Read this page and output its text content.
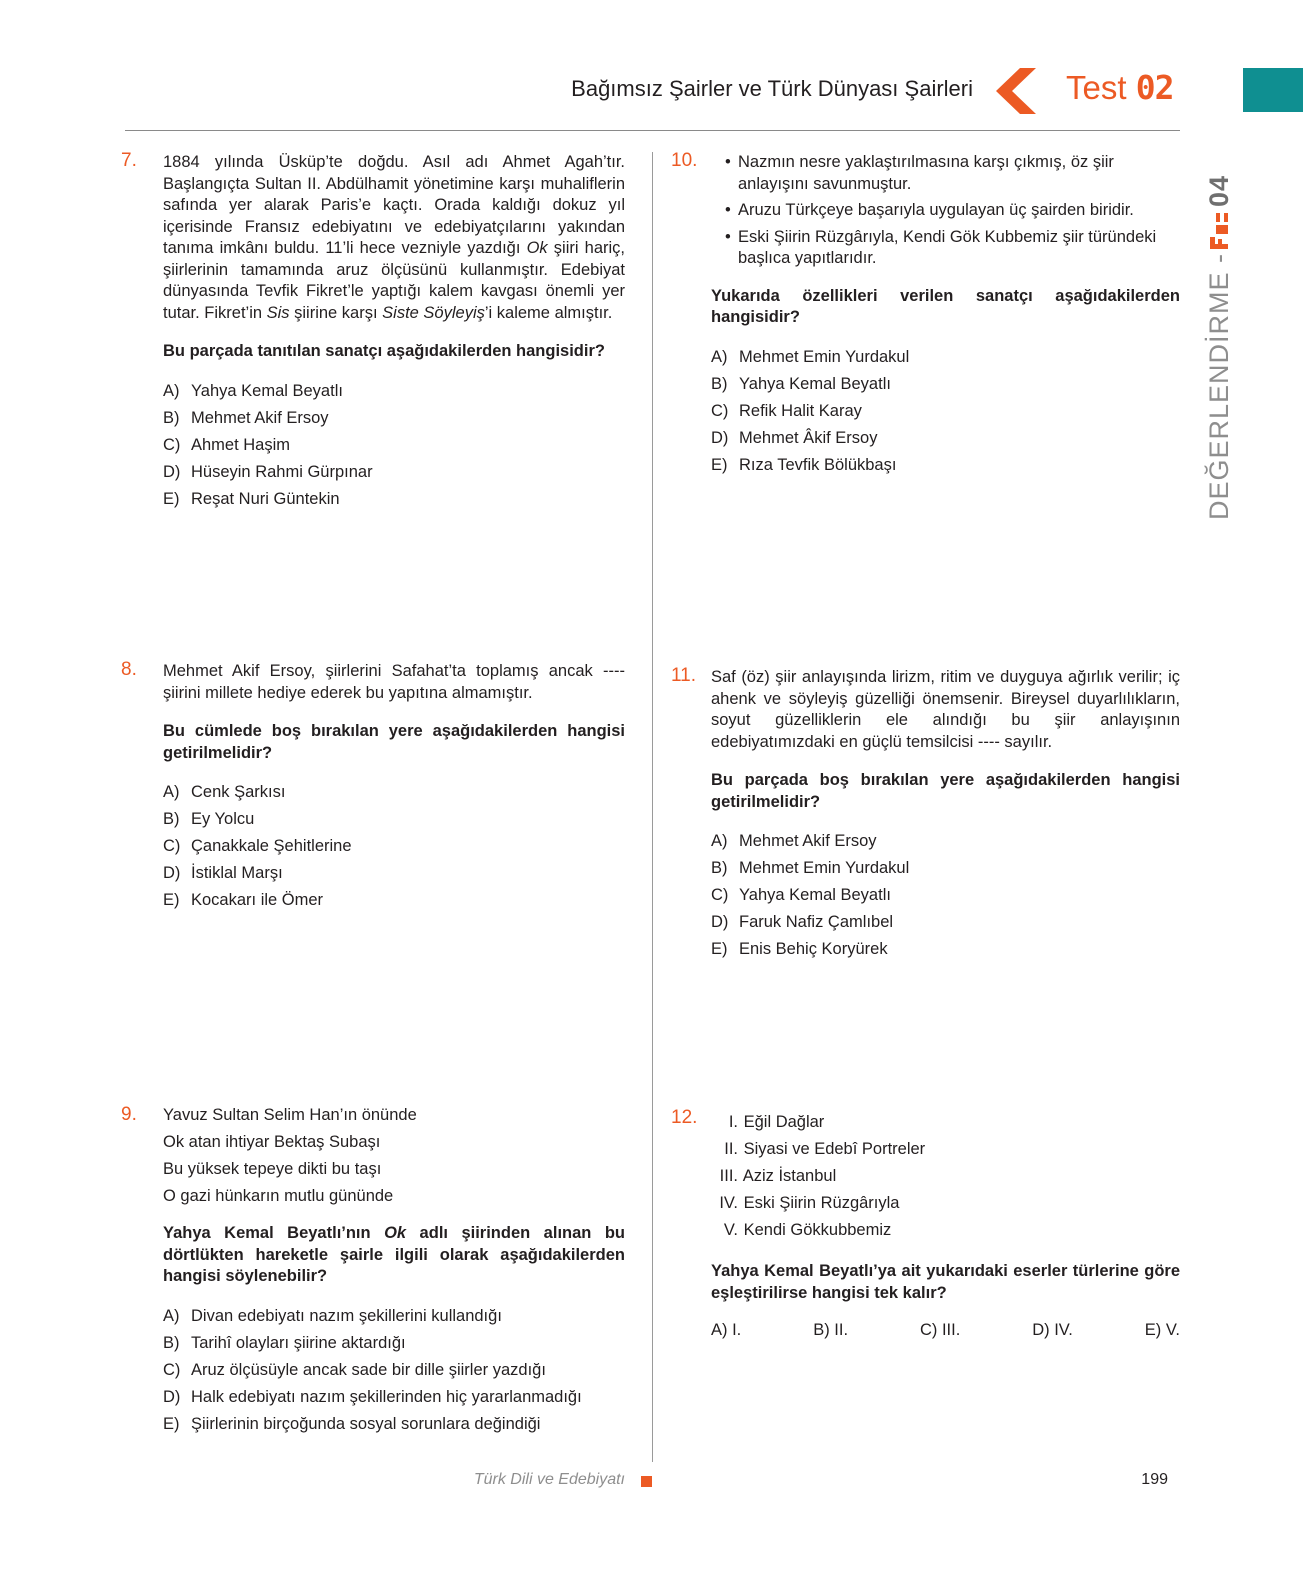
Bağımsız Şairler ve Türk Dünyası Şairleri	Test 02
DEĞERLENDİRME -04
7. 1884 yılında Üsküp’te doğdu. Asıl adı Ahmet Agah’tır. Başlangıçta Sultan II. Abdülhamit yönetimine karşı muhaliflerin safında yer alarak Paris’e kaçtı. Orada kaldığı dokuz yıl içerisinde Fransız edebiyatını ve edebiyatçılarını yakından tanıma imkânı buldu. 11’li hece vezniyle yazdığı Ok şiiri hariç, şiirlerinin tamamında aruz ölçüsünü kullanmıştır. Edebiyat dünyasında Tevfik Fikret’le yaptığı kalem kavgası önemli yer tutar. Fikret’in Sis şiirine karşı Siste Söyleyiş’i kaleme almıştır.

Bu parçada tanıtılan sanatçı aşağıdakilerden hangisidir?

A) Yahya Kemal Beyatlı
B) Mehmet Akif Ersoy
C) Ahmet Haşim
D) Hüseyin Rahmi Gürpınar
E) Reşat Nuri Güntekin
8. Mehmet Akif Ersoy, şiirlerini Safahat’ta toplamış ancak ---- şiirini millete hediye ederek bu yapıtına almamıştır.

Bu cümlede boş bırakılan yere aşağıdakilerden hangisi getirilmelidir?

A) Cenk Şarkısı
B) Ey Yolcu
C) Çanakkale Şehitlerine
D) İstiklal Marşı
E) Kocakarı ile Ömer
9. Yavuz Sultan Selim Han’ın önünde
Ok atan ihtiyar Bektaş Subaşı
Bu yüksek tepeye dikti bu taşı
O gazi hünkarın mutlu gününde

Yahya Kemal Beyatlı’nın Ok adlı şiirinden alınan bu dörtlükten hareketle şairle ilgili olarak aşağıdakilerden hangisi söylenebilir?

A) Divan edebiyatı nazım şekillerini kullandığı
B) Tarihî olayları şiirine aktardığı
C) Aruz ölçüsüyle ancak sade bir dille şiirler yazdığı
D) Halk edebiyatı nazım şekillerinden hiç yararlanmadığı
E) Şiirlerinin birçoğunda sosyal sorunlara değindiği
10.
•	Nazmın nesre yaklaştırılmasına karşı çıkmış, öz şiir anlayışını savunmuştur.
• Aruzu Türkçeye başarıyla uygulayan üç şairden biridir.
• Eski Şiirin Rüzgârıyla, Kendi Gök Kubbemiz şiir türündeki başlıca yapıtlarıdır.

Yukarıda özellikleri verilen sanatçı aşağıdakilerden hangisidir?

A) Mehmet Emin Yurdakul
B) Yahya Kemal Beyatlı
C) Refik Halit Karay
D) Mehmet Âkif Ersoy
E) Rıza Tevfik Bölükbaşı
11. Saf (öz) şiir anlayışında lirizm, ritim ve duyguya ağırlık verilir; iç ahenk ve söyleyiş güzelliği önemsenir. Bireysel duyarlılıkların, soyut güzelliklerin ele alındığı bu şiir anlayışının edebiyatımızdaki en güçlü temsilcisi ---- sayılır.

Bu parçada boş bırakılan yere aşağıdakilerden hangisi getirilmelidir?

A) Mehmet Akif Ersoy
B) Mehmet Emin Yurdakul
C) Yahya Kemal Beyatlı
D) Faruk Nafiz Çamlıbel
E) Enis Behiç Koryürek
12.	I. Eğil Dağlar
II. Siyasi ve Edebî Portreler
III. Aziz İstanbul
IV. Eski Şiirin Rüzgârıyla
V. Kendi Gökkubbemiz

Yahya Kemal Beyatlı’ya ait yukarıdaki eserler türlerine göre eşleştirilirse hangisi tek kalır?

A) I.	B) II.	C) III.	D) IV.	E) V.
Türk Dili ve Edebiyatı	199
